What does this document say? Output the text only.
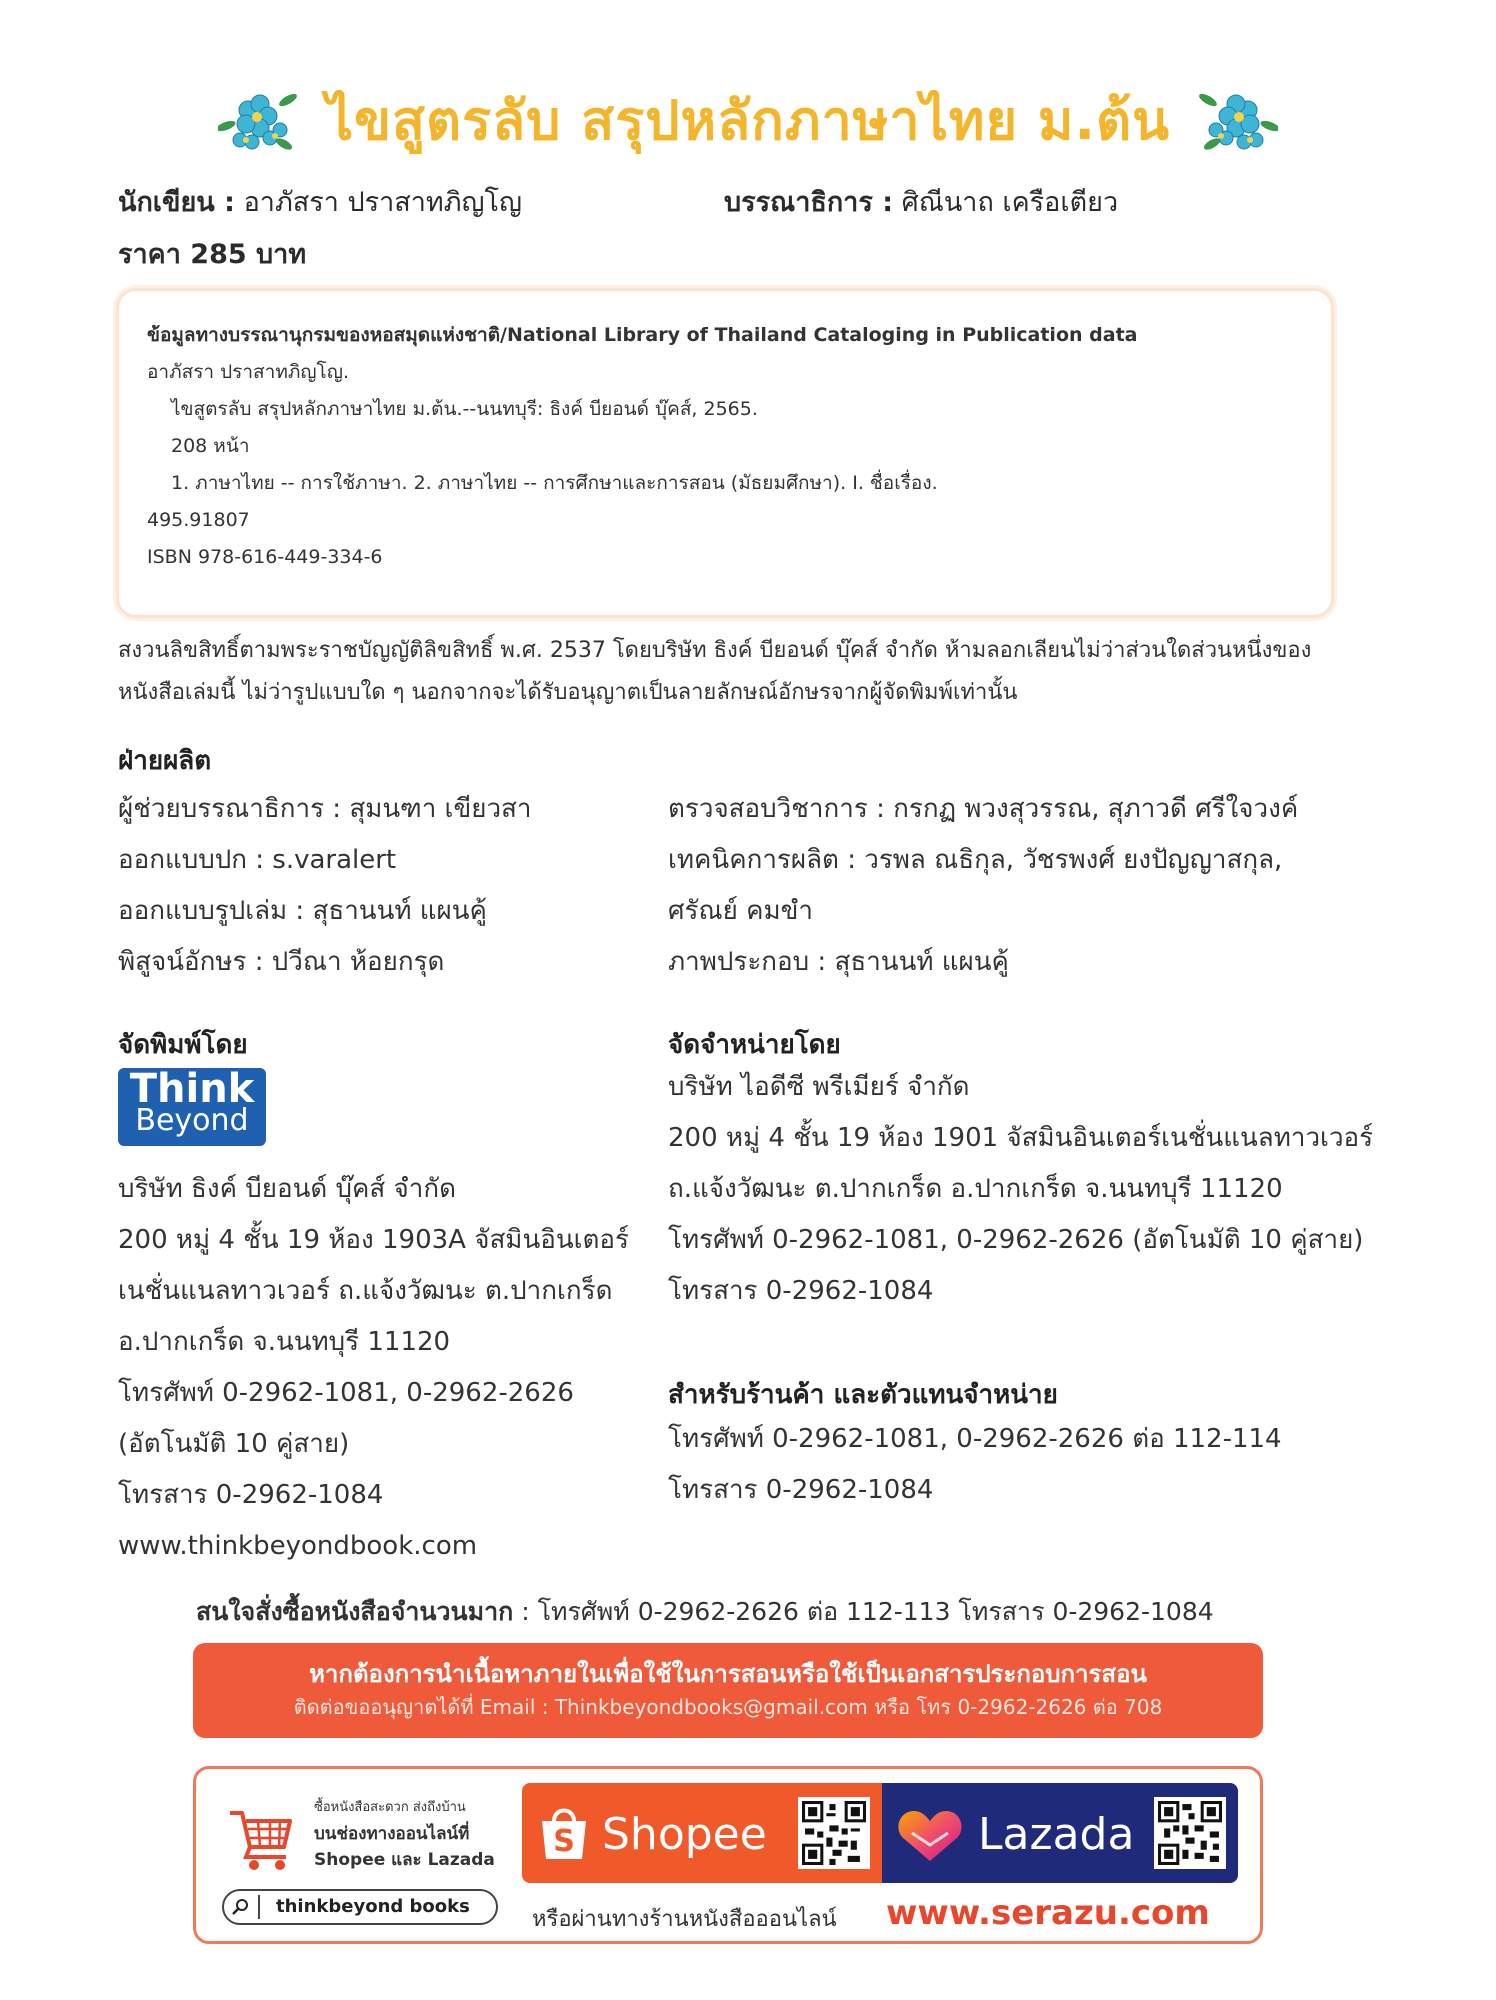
ไขสูตรลับ สรุปหลักภาษาไทย ม.ต้น
นักเขียน : อาภัสรา ปราสาทภิญโญ	บรรณาธิการ : ศิณีนาถ เครือเตียว
ราคา 285 บาท
ข้อมูลทางบรรณานุกรมของหอสมุดแห่งชาติ/National Library of Thailand Cataloging in Publication data
อาภัสรา ปราสาทภิญโญ.
ไขสูตรลับ สรุปหลักภาษาไทย ม.ต้น.--นนทบุรี: ธิงค์ บียอนด์ บุ๊คส์, 2565.
208 หน้า
1. ภาษาไทย -- การใช้ภาษา. 2. ภาษาไทย -- การศึกษาและการสอน (มัธยมศึกษา). I. ชื่อเรื่อง.
495.91807
ISBN 978-616-449-334-6
สงวนลิขสิทธิ์ตามพระราชบัญญัติลิขสิทธิ์ พ.ศ. 2537 โดยบริษัท ธิงค์ บียอนด์ บุ๊คส์ จำกัด ห้ามลอกเลียนไม่ว่าส่วนใดส่วนหนึ่งของ
หนังสือเล่มนี้ ไม่ว่ารูปแบบใด ๆ นอกจากจะได้รับอนุญาตเป็นลายลักษณ์อักษรจากผู้จัดพิมพ์เท่านั้น
ฝ่ายผลิต
ผู้ช่วยบรรณาธิการ : สุมนฑา เขียวสา
ออกแบบปก : s.varalert
ออกแบบรูปเล่ม : สุธานนท์ แผนคู้
พิสูจน์อักษร : ปวีณา ห้อยกรุด
ตรวจสอบวิชาการ : กรกฏ พวงสุวรรณ, สุภาวดี ศรีใจวงค์
เทคนิคการผลิต : วรพล ณธิกุล, วัชรพงศ์ ยงปัญญาสกุล,
ศรัณย์ คมขำ
ภาพประกอบ : สุธานนท์ แผนคู้
จัดพิมพ์โดย
Think
Beyond
บริษัท ธิงค์ บียอนด์ บุ๊คส์ จำกัด
200 หมู่ 4 ชั้น 19 ห้อง 1903A จัสมินอินเตอร์
เนชั่นแนลทาวเวอร์ ถ.แจ้งวัฒนะ ต.ปากเกร็ด
อ.ปากเกร็ด จ.นนทบุรี 11120
โทรศัพท์ 0-2962-1081, 0-2962-2626
(อัตโนมัติ 10 คู่สาย)
โทรสาร 0-2962-1084
www.thinkbeyondbook.com
จัดจำหน่ายโดย
บริษัท ไอดีซี พรีเมียร์ จำกัด
200 หมู่ 4 ชั้น 19 ห้อง 1901 จัสมินอินเตอร์เนชั่นแนลทาวเวอร์
ถ.แจ้งวัฒนะ ต.ปากเกร็ด อ.ปากเกร็ด จ.นนทบุรี 11120
โทรศัพท์ 0-2962-1081, 0-2962-2626 (อัตโนมัติ 10 คู่สาย)
โทรสาร 0-2962-1084
สำหรับร้านค้า และตัวแทนจำหน่าย
โทรศัพท์ 0-2962-1081, 0-2962-2626 ต่อ 112-114
โทรสาร 0-2962-1084
สนใจสั่งซื้อหนังสือจำนวนมาก : โทรศัพท์ 0-2962-2626 ต่อ 112-113 โทรสาร 0-2962-1084
หากต้องการนำเนื้อหาภายในเพื่อใช้ในการสอนหรือใช้เป็นเอกสารประกอบการสอน
ติดต่อขออนุญาตได้ที่ Email : Thinkbeyondbooks@gmail.com หรือ โทร 0-2962-2626 ต่อ 708
ซื้อหนังสือสะดวก ส่งถึงบ้าน
บนช่องทางออนไลน์ที่
Shopee และ Lazada
thinkbeyond books
S Shopee	Lazada
หรือผ่านทางร้านหนังสือออนไลน์ www.serazu.com
